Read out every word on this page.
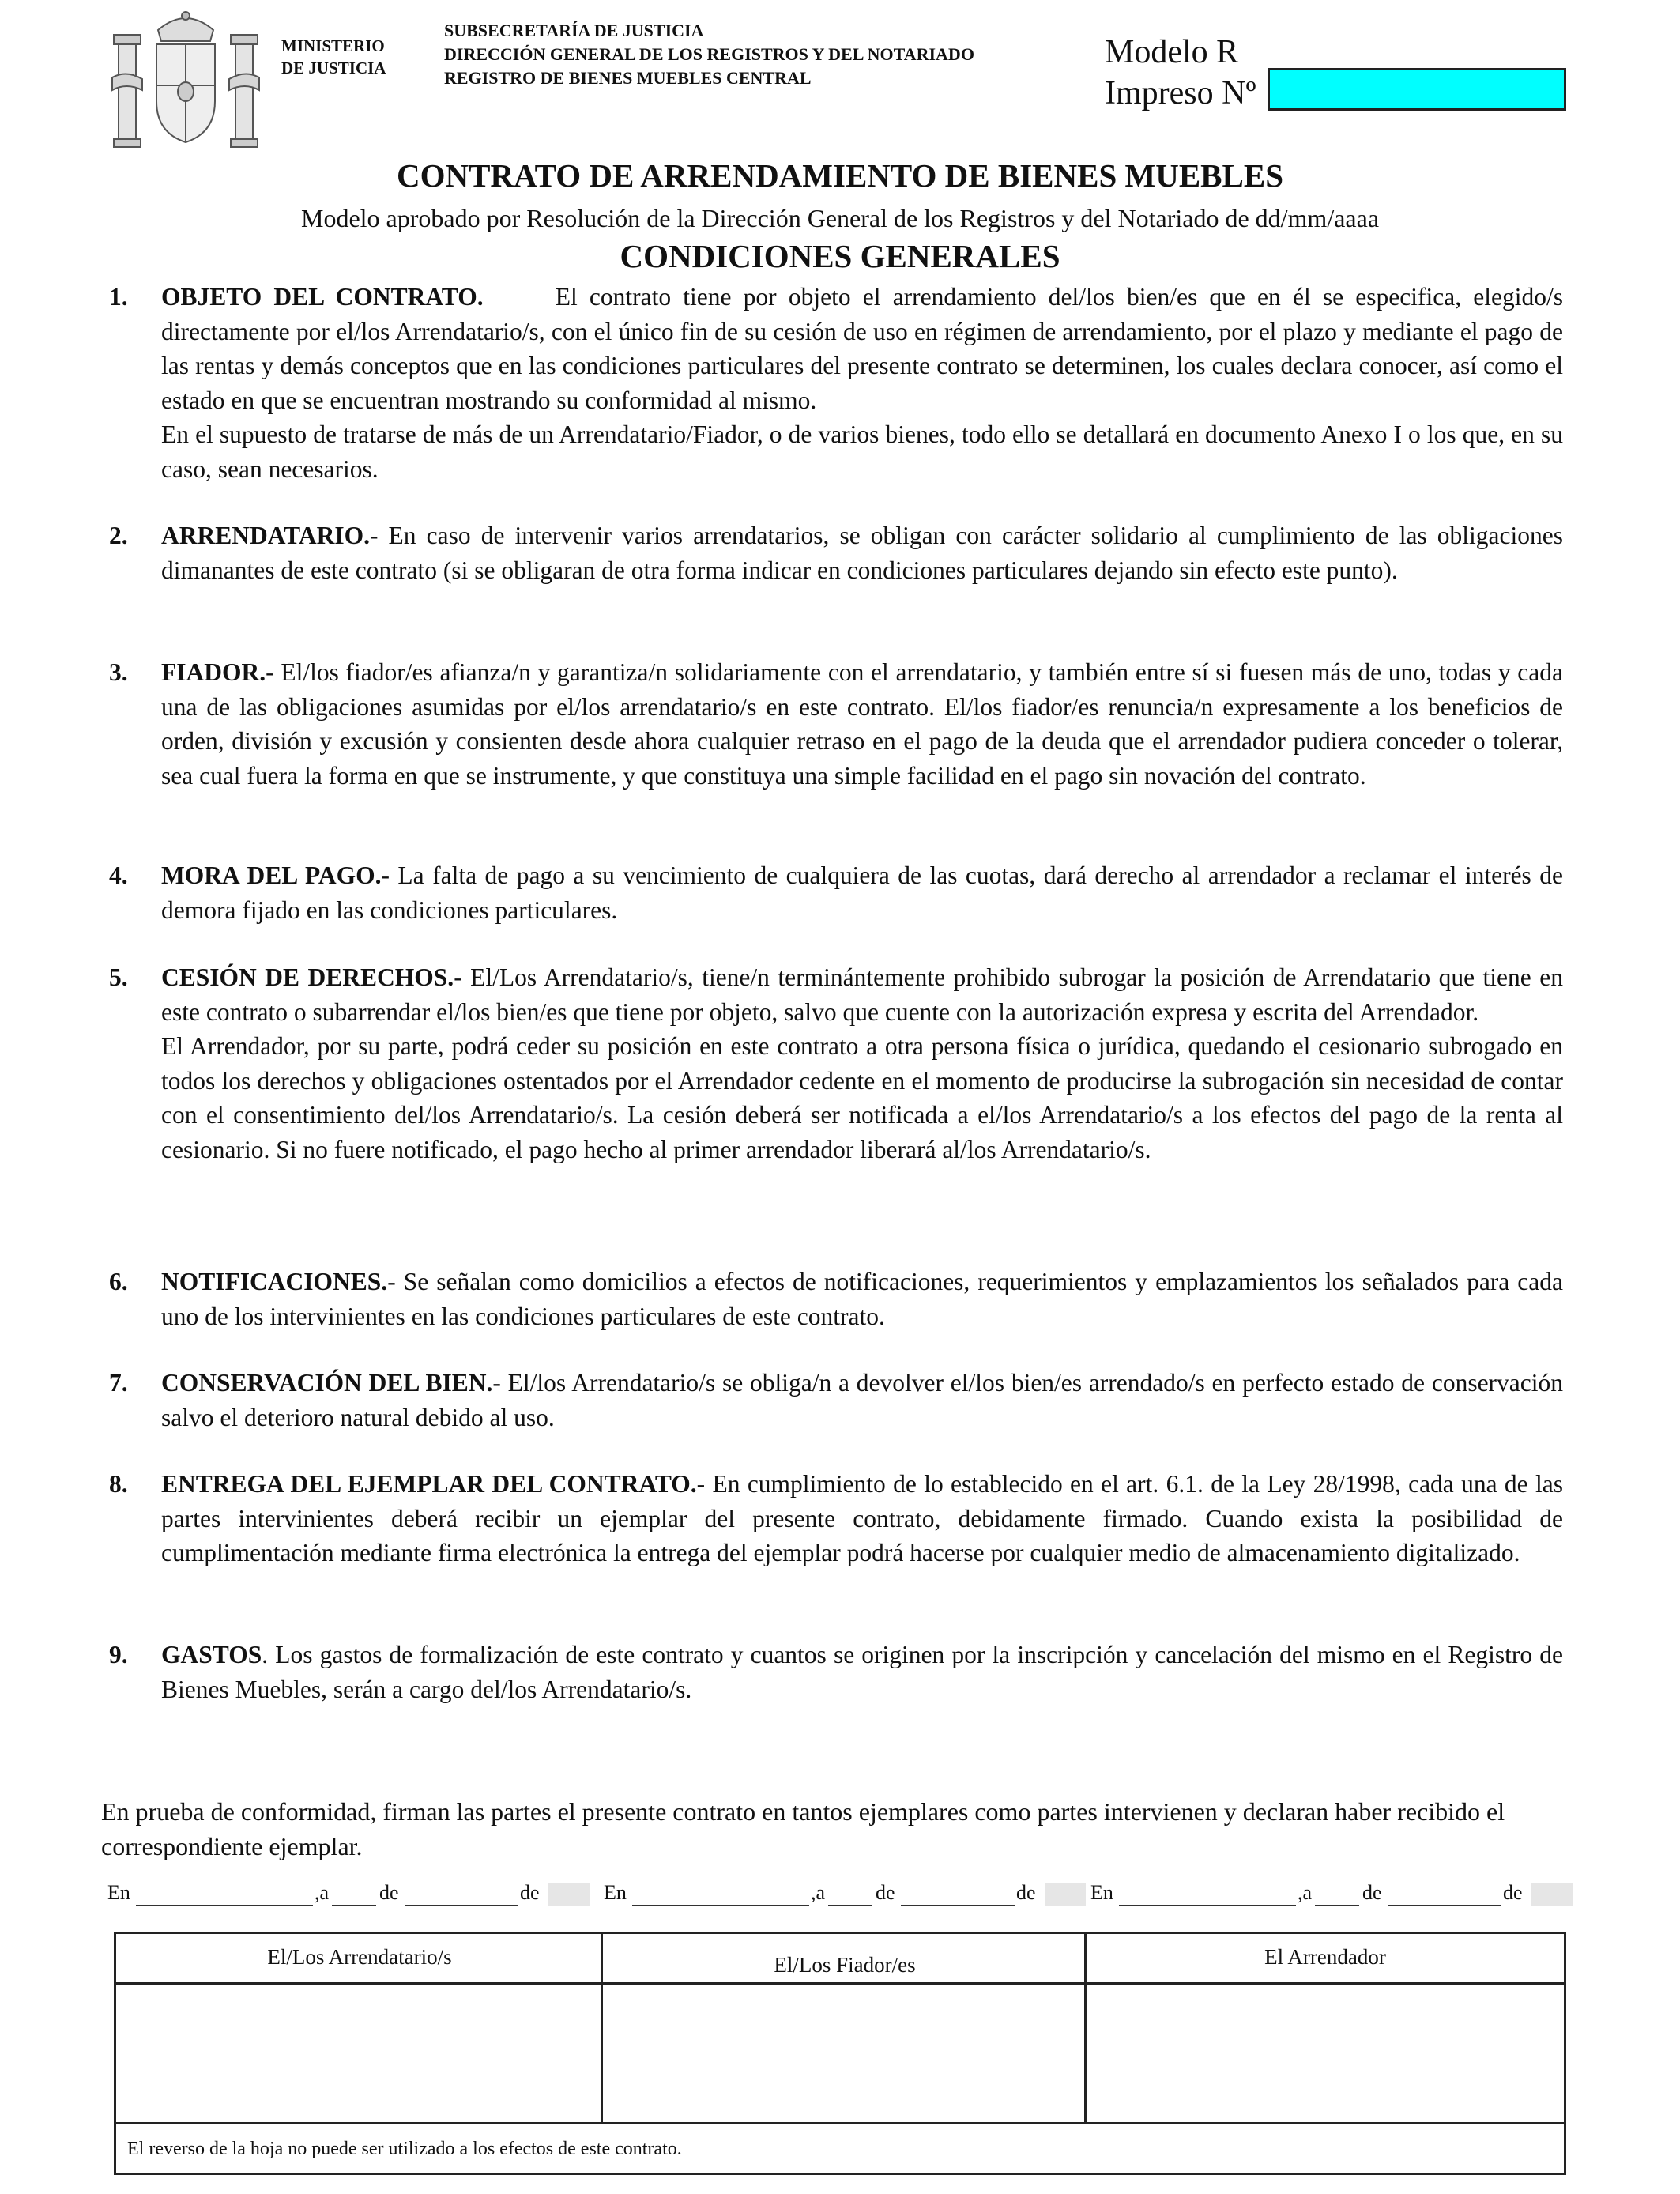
MINISTERIO
DE JUSTICIA
SUBSECRETARÍA DE JUSTICIA
DIRECCIÓN GENERAL DE LOS REGISTROS Y DEL NOTARIADO
REGISTRO DE BIENES MUEBLES CENTRAL
Modelo R
Impreso Nº
CONTRATO DE ARRENDAMIENTO DE BIENES MUEBLES
Modelo aprobado por Resolución de la Dirección General de los Registros y del Notariado de dd/mm/aaaa
CONDICIONES GENERALES
1. OBJETO DEL CONTRATO.	El contrato tiene por objeto el arrendamiento del/los bien/es que en él se especifica, elegido/s directamente por el/los Arrendatario/s, con el único fin de su cesión de uso en régimen de arrendamiento, por el plazo y mediante el pago de las rentas y demás conceptos que en las condiciones particulares del presente contrato se determinen, los cuales declara conocer, así como el estado en que se encuentran mostrando su conformidad al mismo.

En el supuesto de tratarse de más de un Arrendatario/Fiador, o de varios bienes, todo ello se detallará en documento Anexo I o los que, en su caso, sean necesarios.

2. ARRENDATARIO.- En caso de intervenir varios arrendatarios, se obligan con carácter solidario al cumplimiento de las obligaciones dimanantes de este contrato (si se obligaran de otra forma indicar en condiciones particulares dejando sin efecto este punto).

3. FIADOR.- El/los fiador/es afianza/n y garantiza/n solidariamente con el arrendatario, y también entre sí si fuesen más de uno, todas y cada una de las obligaciones asumidas por el/los arrendatario/s en este contrato. El/los fiador/es renuncia/n expresamente a los beneficios de orden, división y excusión y consienten desde ahora cualquier retraso en el pago de la deuda que el arrendador pudiera conceder o tolerar, sea cual fuera la forma en que se instrumente, y que constituya una simple facilidad en el pago sin novación del contrato.

4. MORA DEL PAGO.- La falta de pago a su vencimiento de cualquiera de las cuotas, dará derecho al arrendador a reclamar el interés de demora fijado en las condiciones particulares.

5. CESIÓN DE DERECHOS.- El/Los Arrendatario/s, tiene/n terminántemente prohibido subrogar la posición de Arrendatario que tiene en este contrato o subarrendar el/los bien/es que tiene por objeto, salvo que cuente con la autorización expresa y escrita del Arrendador.

El Arrendador, por su parte, podrá ceder su posición en este contrato a otra persona física o jurídica, quedando el cesionario subrogado en todos los derechos y obligaciones ostentados por el Arrendador cedente en el momento de producirse la subrogación sin necesidad de contar con el consentimiento del/los Arrendatario/s. La cesión deberá ser notificada a el/los Arrendatario/s a los efectos del pago de la renta al cesionario. Si no fuere notificado, el pago hecho al primer arrendador liberará al/los Arrendatario/s.

6. NOTIFICACIONES.- Se señalan como domicilios a efectos de notificaciones, requerimientos y emplazamientos los señalados para cada uno de los intervinientes en las condiciones particulares de este contrato.

7. CONSERVACIÓN DEL BIEN.- El/los Arrendatario/s se obliga/n a devolver el/los bien/es arrendado/s en perfecto estado de conservación salvo el deterioro natural debido al uso.

8. ENTREGA DEL EJEMPLAR DEL CONTRATO.- En cumplimiento de lo establecido en el art. 6.1. de la Ley 28/1998, cada una de las partes intervinientes deberá recibir un ejemplar del presente contrato, debidamente firmado. Cuando exista la posibilidad de cumplimentación mediante firma electrónica la entrega del ejemplar podrá hacerse por cualquier medio de almacenamiento digitalizado.

9. GASTOS. Los gastos de formalización de este contrato y cuantos se originen por la inscripción y cancelación del mismo en el Registro de Bienes Muebles, serán a cargo del/los Arrendatario/s.

En prueba de conformidad, firman las partes el presente contrato en tantos ejemplares como partes intervienen y declaran haber recibido el correspondiente ejemplar.
En	,a de	de	En	,a de	de	En	,a de	de
El/Los Arrendatario/s	El/Los Fiador/es	El Arrendador
El reverso de la hoja no puede ser utilizado a los efectos de este contrato.
